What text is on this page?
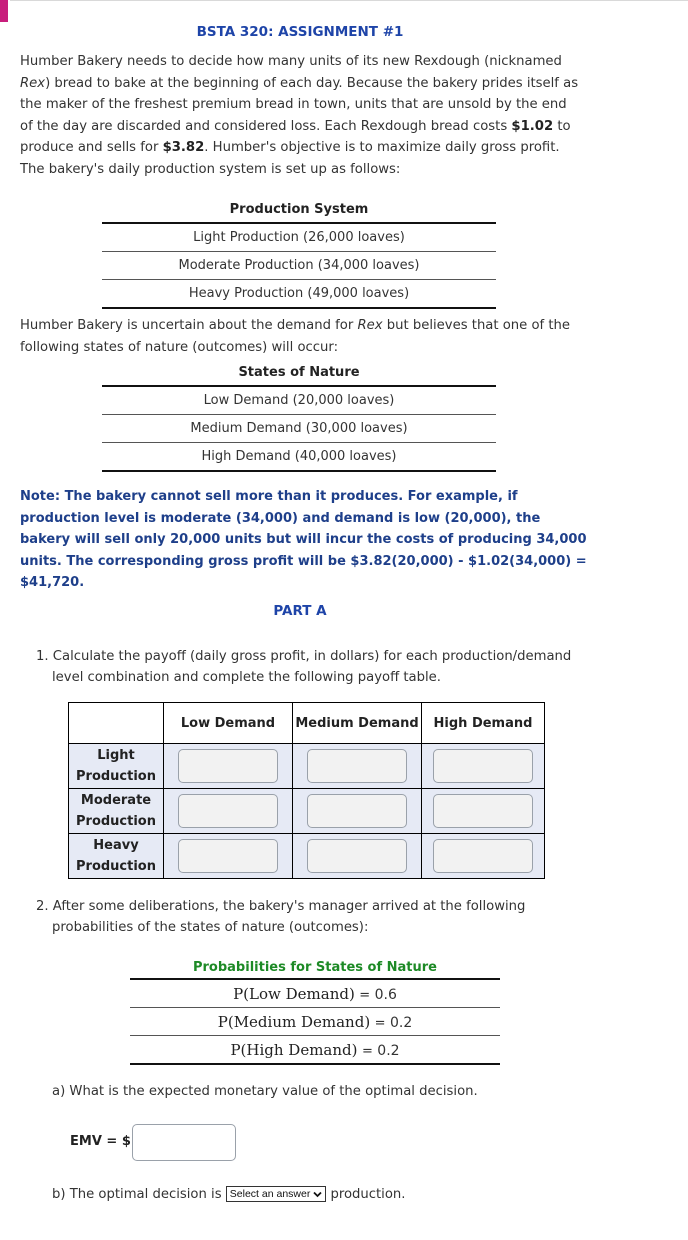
BSTA 320: ASSIGNMENT #1
Humber Bakery needs to decide how many units of its new Rexdough (nicknamed Rex) bread to bake at the beginning of each day. Because the bakery prides itself as the maker of the freshest premium bread in town, units that are unsold by the end of the day are discarded and considered loss. Each Rexdough bread costs $1.02 to produce and sells for $3.82. Humber's objective is to maximize daily gross profit. The bakery's daily production system is set up as follows:
Production System
Light Production (26,000 loaves)
Moderate Production (34,000 loaves)
Heavy Production (49,000 loaves)
Humber Bakery is uncertain about the demand for Rex but believes that one of the following states of nature (outcomes) will occur:
States of Nature
Low Demand (20,000 loaves)
Medium Demand (30,000 loaves)
High Demand (40,000 loaves)
Note: The bakery cannot sell more than it produces. For example, if production level is moderate (34,000) and demand is low (20,000), the bakery will sell only 20,000 units but will incur the costs of producing 34,000 units. The corresponding gross profit will be $3.82(20,000) - $1.02(34,000) = $41,720.
PART A
1. Calculate the payoff (daily gross profit, in dollars) for each production/demand
level combination and complete the following payoff table.
	Low Demand	Medium Demand	High Demand

Light
Production			

Moderate
Production			

Heavy
Production			

2. After some deliberations, the bakery's manager arrived at the following
probabilities of the states of nature (outcomes):
Probabilities for States of Nature
P(Low Demand) = 0.6
P(Medium Demand) = 0.2
P(High Demand) = 0.2
a) What is the expected monetary value of the optimal decision.
EMV = $
b) The optimal decision is Select an answer production.
